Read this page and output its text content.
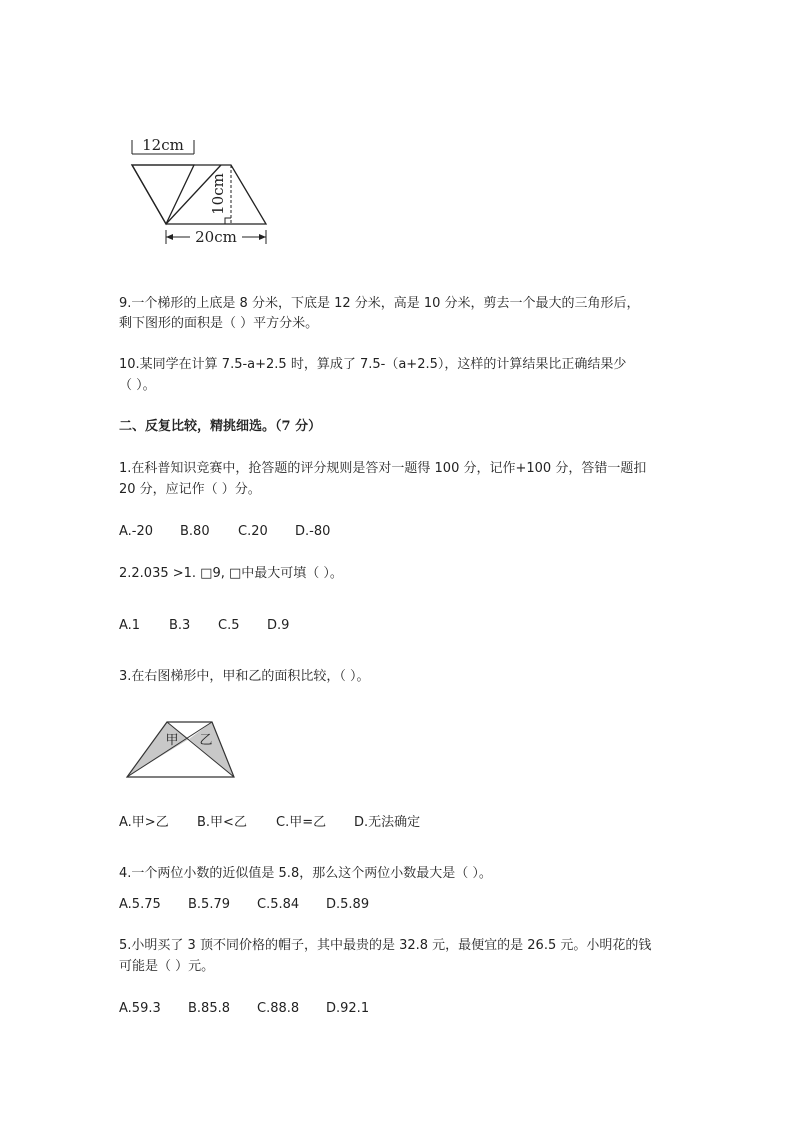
12cm
10cm
20cm
9.一个梯形的上底是 8 分米，下底是 12 分米，高是 10 分米，剪去一个最大的三角形后，
剩下图形的面积是（ ）平方分米。
10.某同学在计算 7.5-a+2.5 时，算成了 7.5-（a+2.5），这样的计算结果比正确结果少
（ ）。
二、反复比较，精挑细选。（7 分）
1.在科普知识竞赛中，抢答题的评分规则是答对一题得 100 分，记作+100 分，答错一题扣
20 分，应记作（ ）分。
A.-20 B.80 C.20 D.-80
2.2.035 >1. □9, □中最大可填（ ）。
A.1 B.3 C.5 D.9
3.在右图梯形中，甲和乙的面积比较，（ ）。
甲 乙
A.甲>乙 B.甲<乙 C.甲=乙 D.无法确定
4.一个两位小数的近似值是 5.8，那么这个两位小数最大是（ ）。
A.5.75 B.5.79 C.5.84 D.5.89
5.小明买了 3 顶不同价格的帽子，其中最贵的是 32.8 元，最便宜的是 26.5 元。小明花的钱
可能是（ ）元。
A.59.3 B.85.8 C.88.8 D.92.1
